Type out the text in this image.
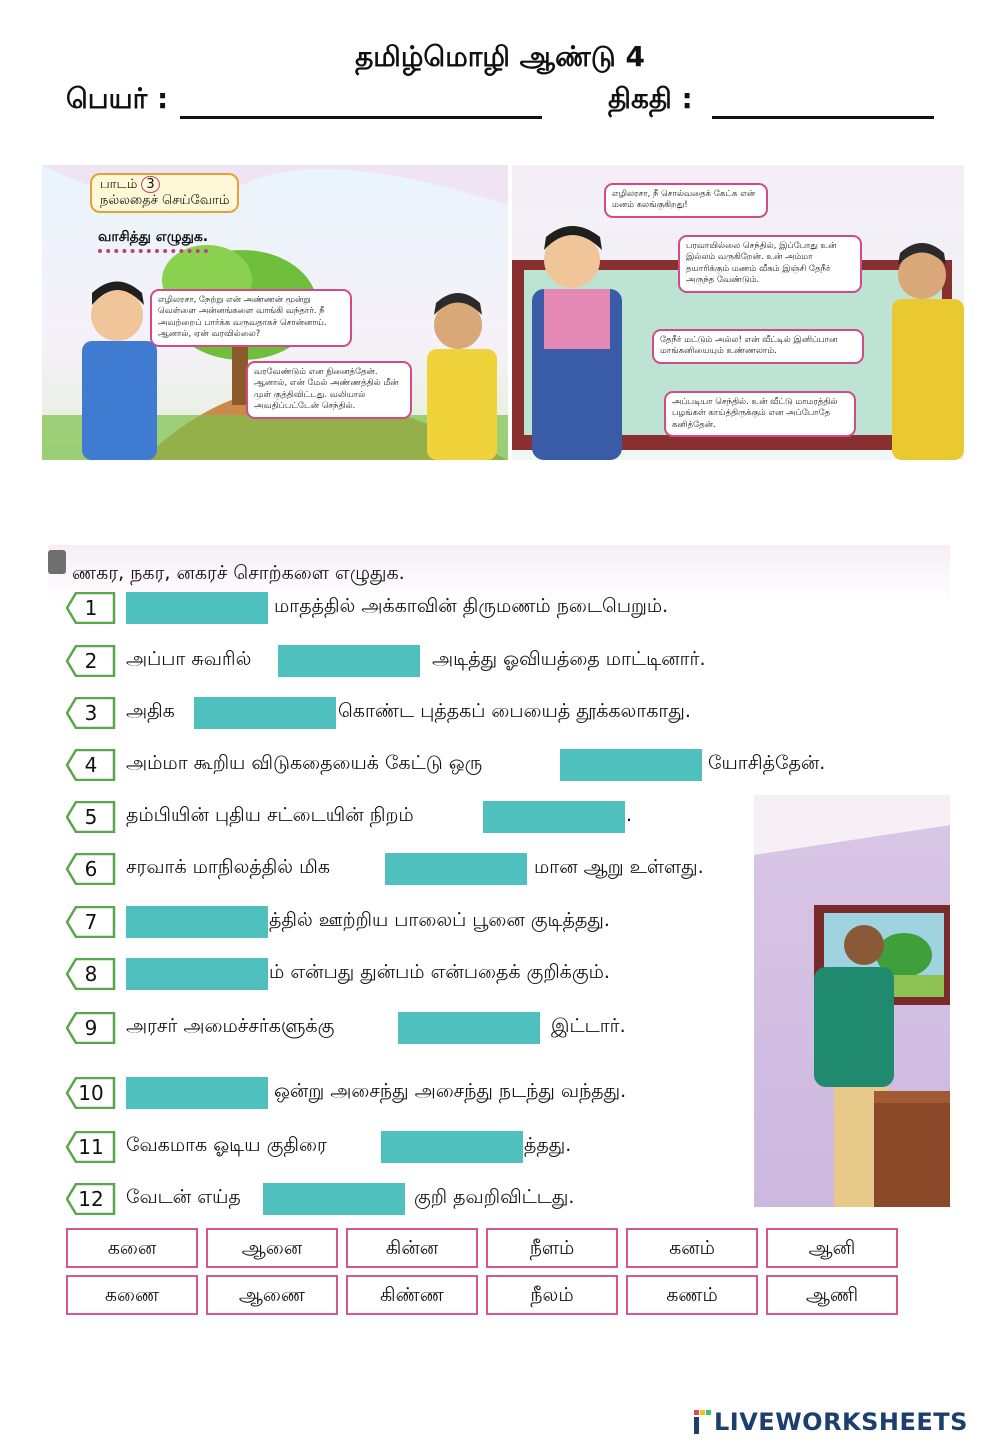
தமிழ்மொழி ஆண்டு 4
பெயர் :	திகதி :
பாடம் 3
நல்லதைச் செய்வோம்
வாசித்து எழுதுக.
எழிலரசா, நேற்று என் அண்ணன் மூன்று வெள்ளை அன்னங்களை வாங்கி வந்தார். நீ அவற்றைப் பார்க்க வருவதாகச் சொன்னாய். ஆனால், ஏன் வரவில்லை?
வரவேண்டும் என நினைத்தேன். ஆனால், என் மேல் அண்ணத்தில் மீன் முள் குத்திவிட்டது. வலியால் அவதிப்பட்டேன் செந்தில்.
எழிலரசா, நீ சொல்வதைக் கேட்க என் மனம் கலங்குகிறது!
பரவாயில்லை செந்தில், இப்போது உன் இல்லம் வருகிறேன். உன் அம்மா தயாரிக்கும் மணம் வீசும் இஞ்சி தேநீர் அருந்த வேண்டும்.
தேநீர் மட்டும் அல்ல! என் வீட்டில் இனிப்பான மாங்கனியையும் உண்ணலாம்.
அப்படியா செந்தில். உன் வீட்டு மாமரத்தில் பழங்கள் காய்த்திருக்கும் என அப்போதே கனித்தேன்.
ணகர, நகர, னகரச் சொற்களை எழுதுக.
1	மாதத்தில் அக்காவின் திருமணம் நடைபெறும்.
2	அப்பா சுவரில்	அடித்து ஓவியத்தை மாட்டினார்.
3	அதிக	கொண்ட புத்தகப் பையைத் தூக்கலாகாது.
4	அம்மா கூறிய விடுகதையைக் கேட்டு ஒரு	யோசித்தேன்.
5	தம்பியின் புதிய சட்டையின் நிறம்	.
6	சரவாக் மாநிலத்தில் மிக	மான ஆறு உள்ளது.
7	த்தில் ஊற்றிய பாலைப் பூனை குடித்தது.
8	ம் என்பது துன்பம் என்பதைக் குறிக்கும்.
9	அரசர் அமைச்சர்களுக்கு	இட்டார்.
10	ஒன்று அசைந்து அசைந்து நடந்து வந்தது.
11	வேகமாக ஓடிய குதிரை	த்தது.
12	வேடன் எய்த	குறி தவறிவிட்டது.
கனை	ஆனை	கின்ன	நீளம்	கனம்	ஆனி
கணை	ஆணை	கிண்ண	நீலம்	கணம்	ஆணி
LIVEWORKSHEETS
